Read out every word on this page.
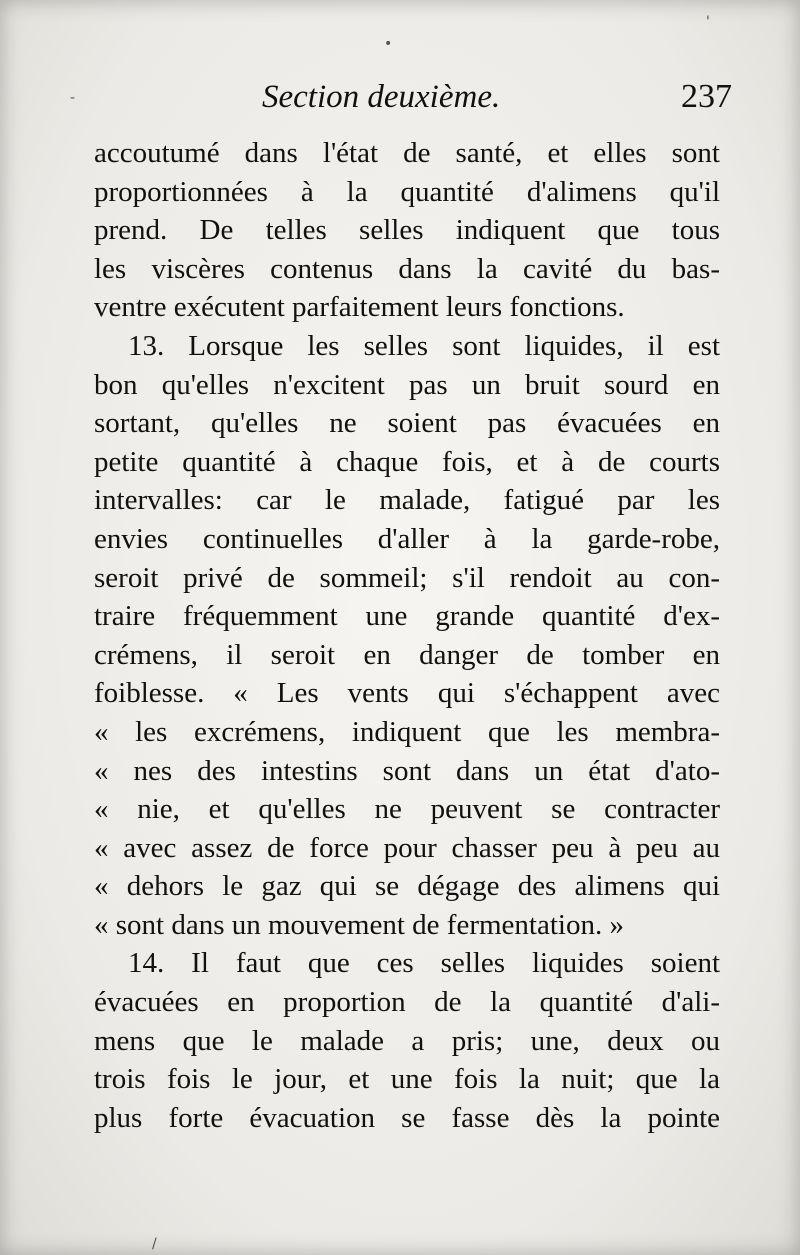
Section deuxième.	237
accoutumé dans l'état de santé, et elles sont
proportionnées à la quantité d'alimens qu'il
prend. De telles selles indiquent que tous
les viscères contenus dans la cavité du bas-
ventre exécutent parfaitement leurs fonctions.
13. Lorsque les selles sont liquides, il est
bon qu'elles n'excitent pas un bruit sourd en
sortant, qu'elles ne soient pas évacuées en
petite quantité à chaque fois, et à de courts
intervalles: car le malade, fatigué par les
envies continuelles d'aller à la garde-robe,
seroit privé de sommeil; s'il rendoit au con-
traire fréquemment une grande quantité d'ex-
crémens, il seroit en danger de tomber en
foiblesse. « Les vents qui s'échappent avec
« les excrémens, indiquent que les membra-
« nes des intestins sont dans un état d'ato-
« nie, et qu'elles ne peuvent se contracter
« avec assez de force pour chasser peu à peu au
« dehors le gaz qui se dégage des alimens qui
« sont dans un mouvement de fermentation. »
14. Il faut que ces selles liquides soient
évacuées en proportion de la quantité d'ali-
mens que le malade a pris; une, deux ou
trois fois le jour, et une fois la nuit; que la
plus forte évacuation se fasse dès la pointe
•
'
-
/
